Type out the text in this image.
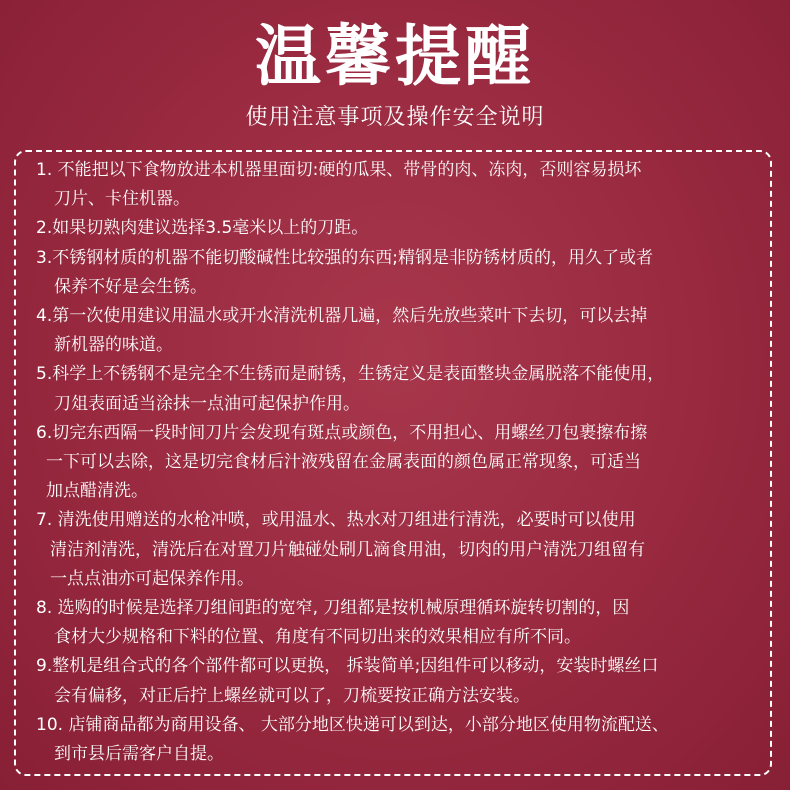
温馨提醒
使用注意事项及操作安全说明
1. 不能把以下食物放进本机器里面切:硬的瓜果、带骨的肉、冻肉，否则容易损坏
刀片、卡住机器。
2.如果切熟肉建议选择3.5毫米以上的刀距。
3.不锈钢材质的机器不能切酸碱性比较强的东西;精钢是非防锈材质的，用久了或者
保养不好是会生锈。
4.第一次使用建议用温水或开水清洗机器几遍，然后先放些菜叶下去切，可以去掉
新机器的味道。
5.科学上不锈钢不是完全不生锈而是耐锈，生锈定义是表面整块金属脱落不能使用，
刀俎表面适当涂抹一点油可起保护作用。
6.切完东西隔一段时间刀片会发现有斑点或颜色，不用担心、用螺丝刀包裹擦布擦
一下可以去除，这是切完食材后汁液残留在金属表面的颜色属正常现象，可适当
加点醋清洗。
7. 清洗使用赠送的水枪冲喷，或用温水、热水对刀组进行清洗，必要时可以使用
清洁剂清洗，清洗后在对置刀片触碰处刷几滴食用油，切肉的用户清洗刀组留有
一点点油亦可起保养作用。
8. 选购的时候是选择刀组间距的宽窄, 刀组都是按机械原理循环旋转切割的，因
食材大少规格和下料的位置、角度有不同切出来的效果相应有所不同。
9.整机是组合式的各个部件都可以更换， 拆装简单;因组件可以移动，安装时螺丝口
会有偏移，对正后拧上螺丝就可以了，刀梳要按正确方法安装。
10. 店铺商品都为商用设备、 大部分地区快递可以到达，小部分地区使用物流配送、
到市县后需客户自提。
